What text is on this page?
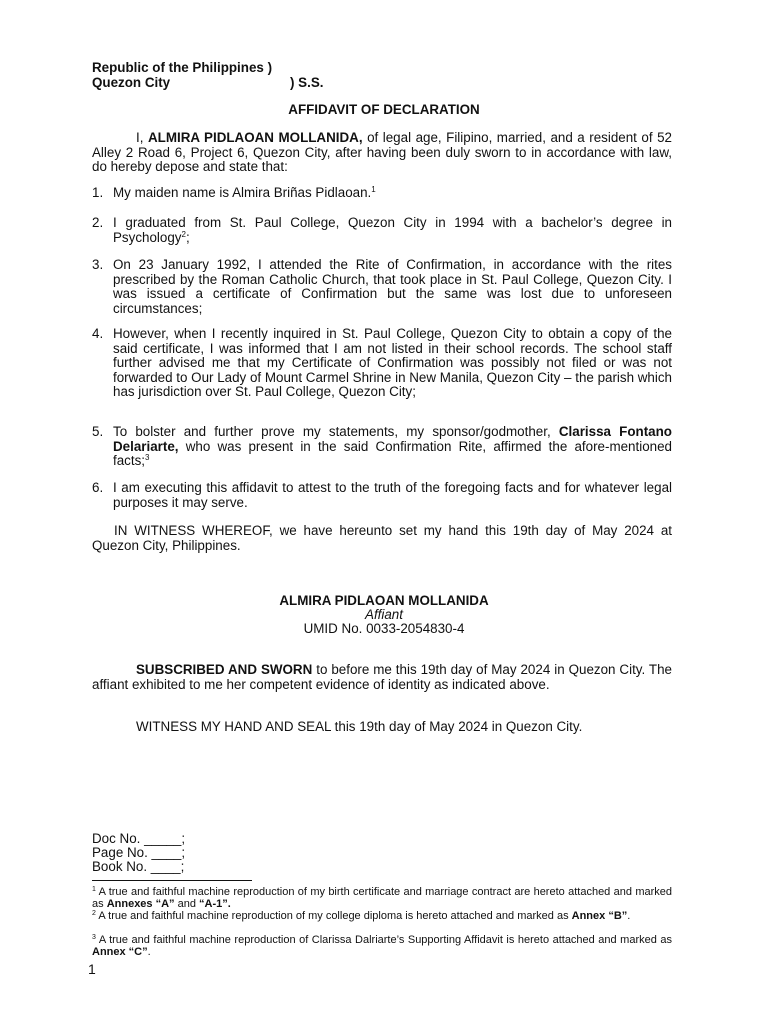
Republic of the Philippines )
Quezon City	) S.S.
AFFIDAVIT OF DECLARATION
I, ALMIRA PIDLAOAN MOLLANIDA, of legal age, Filipino, married, and a resident of 52 Alley 2 Road 6, Project 6, Quezon City, after having been duly sworn to in accordance with law, do hereby depose and state that:
1. My maiden name is Almira Briñas Pidlaoan.$^1$
2. I graduated from St. Paul College, Quezon City in 1994 with a bachelor’s degree in Psychology$^2$;
3. On 23 January 1992, I attended the Rite of Confirmation, in accordance with the rites prescribed by the Roman Catholic Church, that took place in St. Paul College, Quezon City. I was issued a certificate of Confirmation but the same was lost due to unforeseen circumstances;
4. However, when I recently inquired in St. Paul College, Quezon City to obtain a copy of the said certificate, I was informed that I am not listed in their school records. The school staff further advised me that my Certificate of Confirmation was possibly not filed or was not forwarded to Our Lady of Mount Carmel Shrine in New Manila, Quezon City – the parish which has jurisdiction over St. Paul College, Quezon City;
5. To bolster and further prove my statements, my sponsor/godmother, Clarissa Fontano Delariarte, who was present in the said Confirmation Rite, affirmed the afore-mentioned facts;$^3$
6. I am executing this affidavit to attest to the truth of the foregoing facts and for whatever legal purposes it may serve.
IN WITNESS WHEREOF, we have hereunto set my hand this 19th day of May 2024 at Quezon City, Philippines.
ALMIRA PIDLAOAN MOLLANIDA
Affiant
UMID No. 0033-2054830-4
SUBSCRIBED AND SWORN to before me this 19th day of May 2024 in Quezon City. The affiant exhibited to me her competent evidence of identity as indicated above.
WITNESS MY HAND AND SEAL this 19th day of May 2024 in Quezon City.
Doc No. _____;
Page No. ____;
Book No. ____;
$^1$ A true and faithful machine reproduction of my birth certificate and marriage contract are hereto attached and marked as Annexes “A” and “A-1”.
$^2$ A true and faithful machine reproduction of my college diploma is hereto attached and marked as Annex “B”.
$^3$ A true and faithful machine reproduction of Clarissa Dalriarte’s Supporting Affidavit is hereto attached and marked as Annex “C”.
1
